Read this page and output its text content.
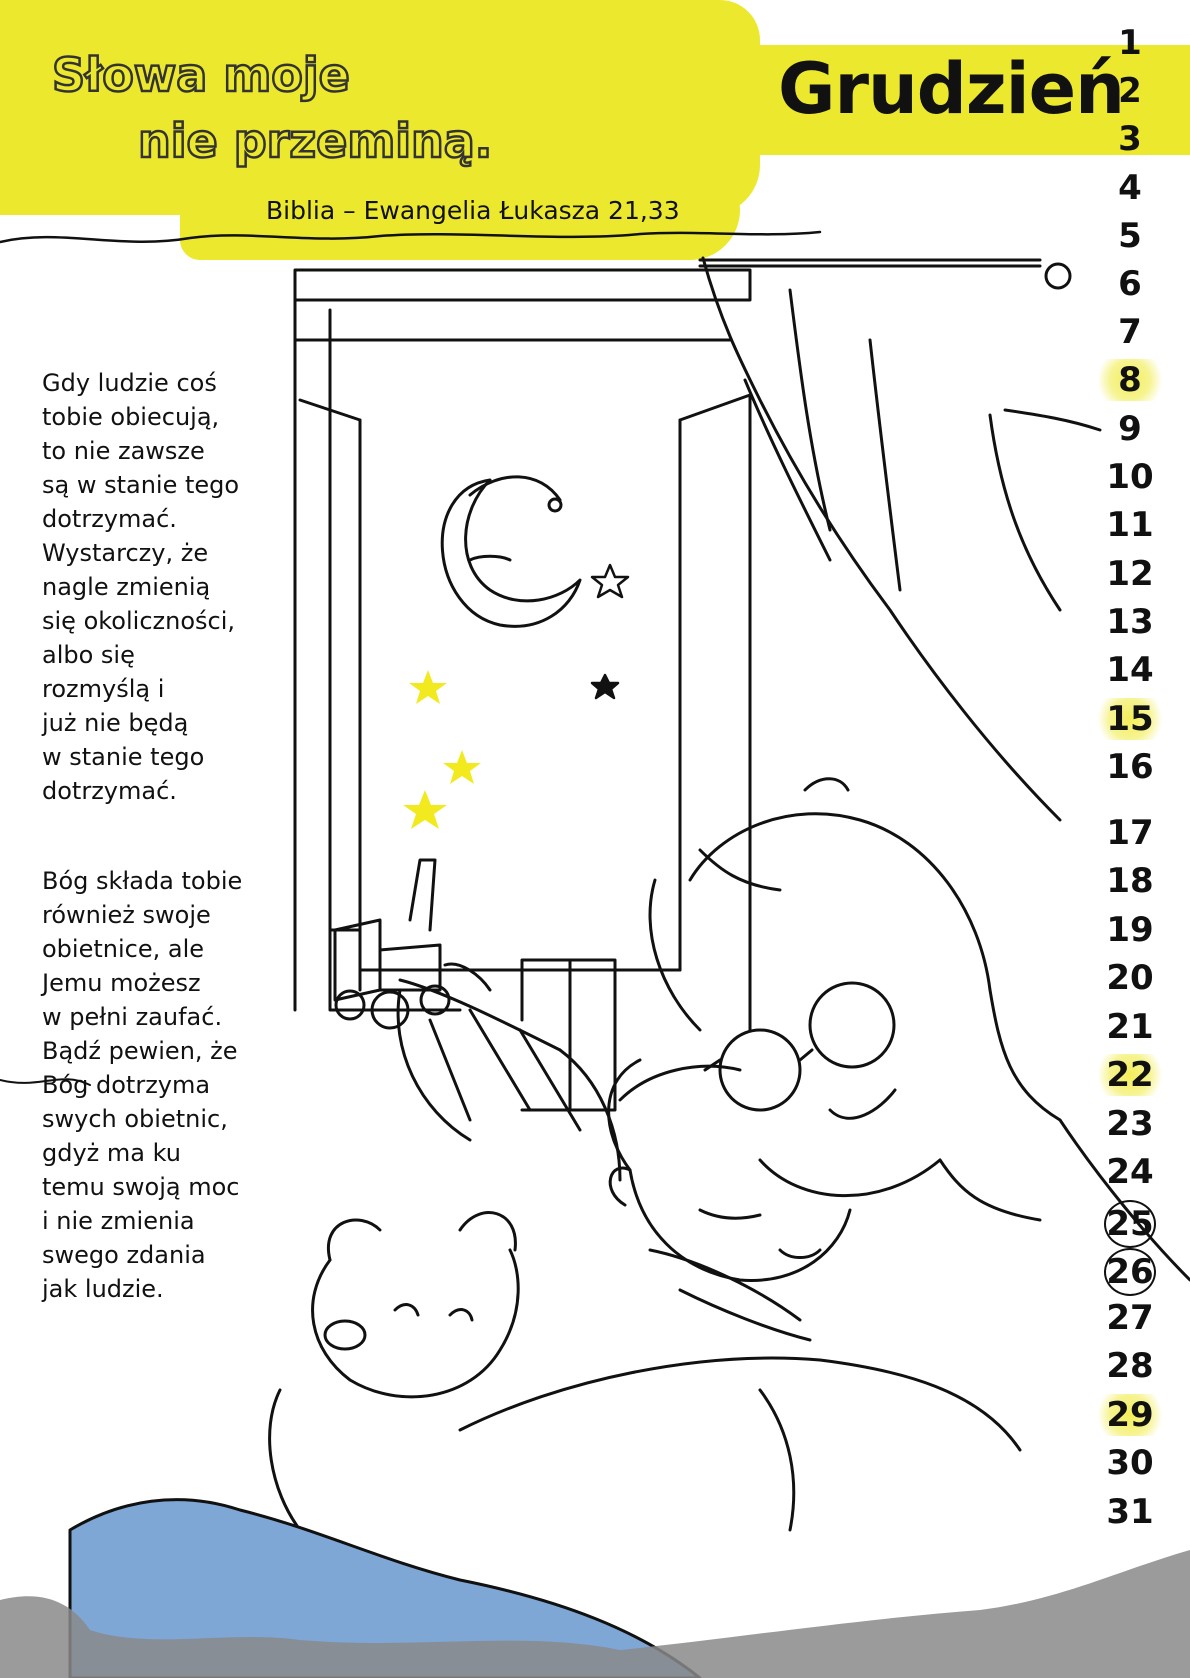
Słowa moje
nie przeminą.
Biblia – Ewangelia Łukasza 21,33
Grudzień

Gdy ludzie coś
tobie obiecują,
to nie zawsze
są w stanie tego
dotrzymać.
Wystarczy, że
nagle zmienią
się okoliczności,
albo się
rozmyślą i
już nie będą
w stanie tego
dotrzymać.

Bóg składa tobie
również swoje
obietnice, ale
Jemu możesz
w pełni zaufać.
Bądź pewien, że
Bóg dotrzyma
swych obietnic,
gdyż ma ku
temu swoją moc
i nie zmienia
swego zdania
jak ludzie.

1
2
3
4
5
6
7
8
9
10
11
12
13
14
15
16
17
18
19
20
21
22
23
24
25
26
27
28
29
30
31
